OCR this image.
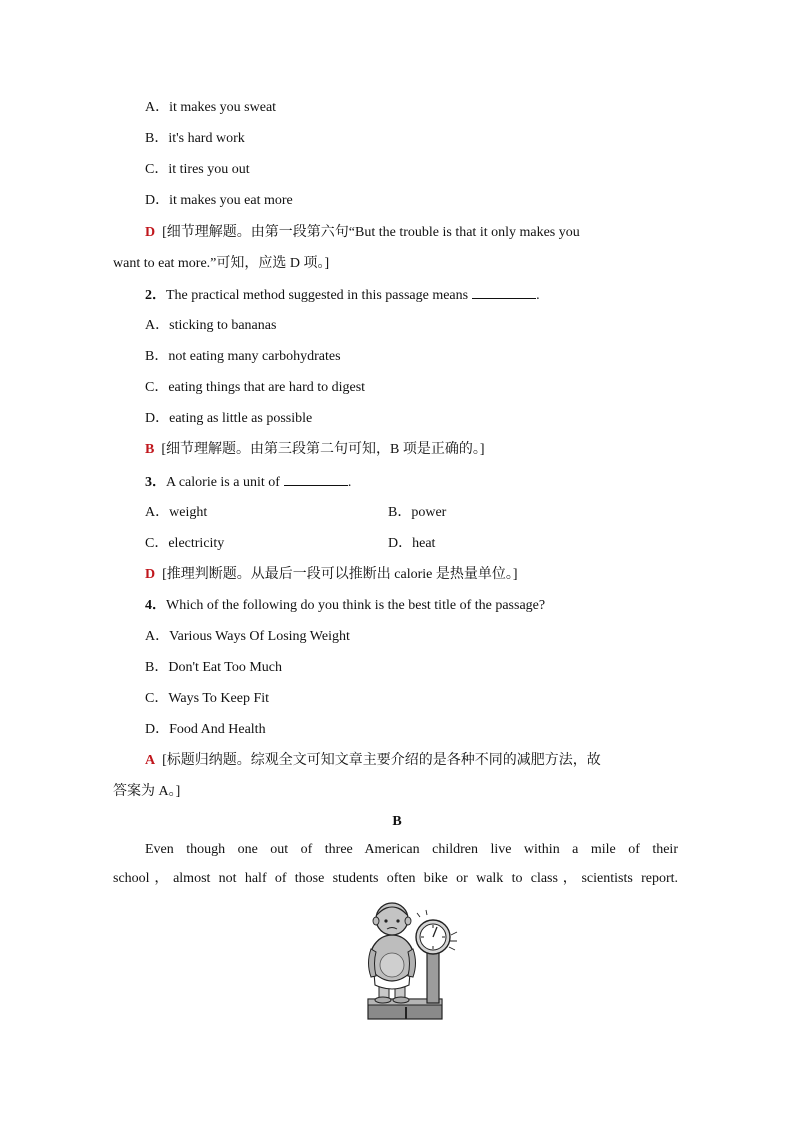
A．it makes you sweat
B．it's hard work
C．it tires you out
D．it makes you eat more
D [细节理解题。由第一段第六句“But the trouble is that it only makes you
want to eat more.”可知，应选 D 项。]
2．The practical method suggested in this passage means	.
A．sticking to bananas
B．not eating many carbohydrates
C．eating things that are hard to digest
D．eating as little as possible
B [细节理解题。由第三段第二句可知，B 项是正确的。]
3．A calorie is a unit of	.
A．weight	B．power
C．electricity	D．heat
D [推理判断题。从最后一段可以推断出 calorie 是热量单位。]
4．Which of the following do you think is the best title of the passage?
A．Various Ways Of Losing Weight
B．Don't Eat Too Much
C．Ways To Keep Fit
D．Food And Health
A [标题归纳题。综观全文可知文章主要介绍的是各种不同的减肥方法，故
答案为 A。]
B
Even though one out of three American children live within a mile of their
school，almost not half of those students often bike or walk to class，scientists report.
